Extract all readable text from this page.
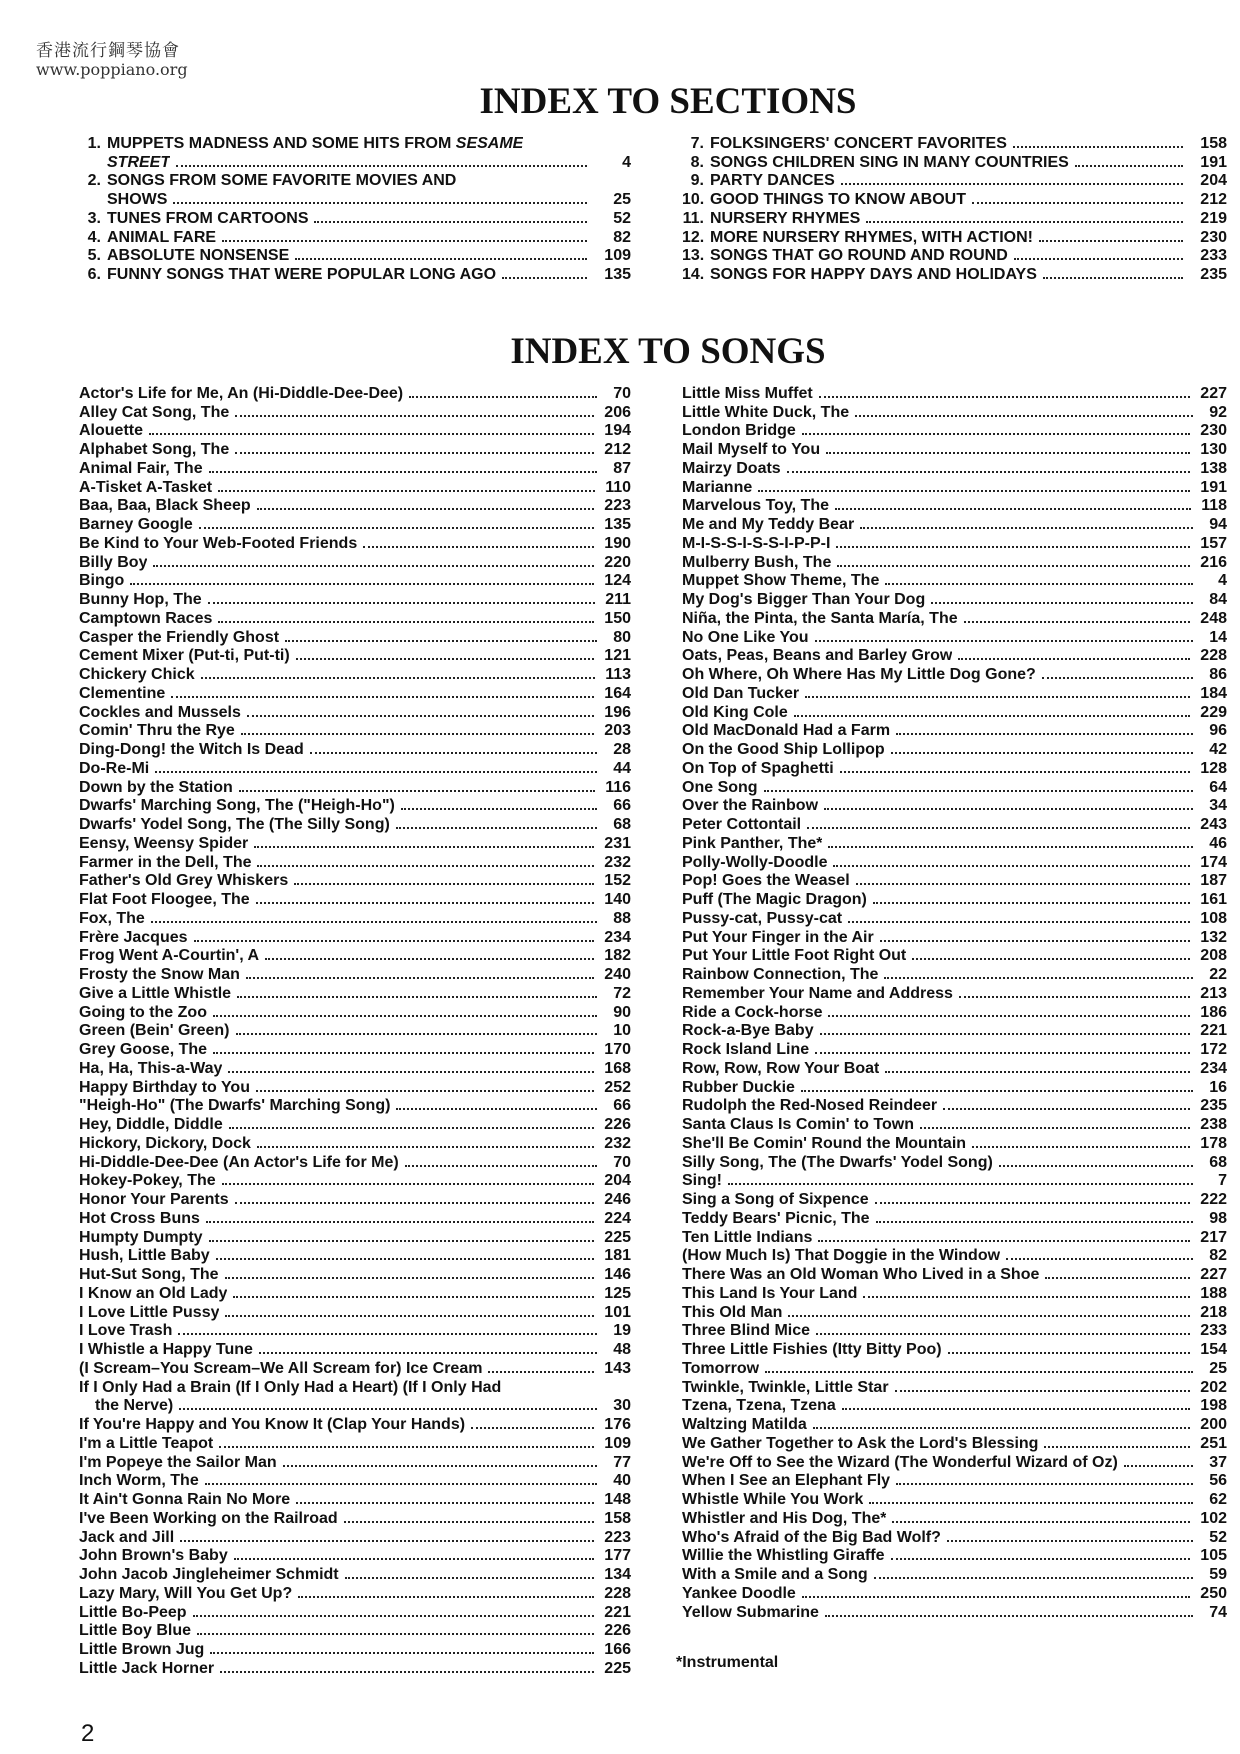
香港流行鋼琴協會
www.poppiano.org
INDEX TO SECTIONS
1. MUPPETS MADNESS AND SOME HITS FROM SESAME
STREET	4
2. SONGS FROM SOME FAVORITE MOVIES AND
SHOWS	25
3. TUNES FROM CARTOONS	52
4. ANIMAL FARE	82
5. ABSOLUTE NONSENSE	109
6. FUNNY SONGS THAT WERE POPULAR LONG AGO	135
7. FOLKSINGERS' CONCERT FAVORITES	158
8. SONGS CHILDREN SING IN MANY COUNTRIES	191
9. PARTY DANCES	204
10. GOOD THINGS TO KNOW ABOUT	212
11. NURSERY RHYMES	219
12. MORE NURSERY RHYMES, WITH ACTION!	230
13. SONGS THAT GO ROUND AND ROUND	233
14. SONGS FOR HAPPY DAYS AND HOLIDAYS	235
INDEX TO SONGS
Actor's Life for Me, An (Hi-Diddle-Dee-Dee)	70
Alley Cat Song, The	206
Alouette	194
Alphabet Song, The	212
Animal Fair, The	87
A-Tisket A-Tasket	110
Baa, Baa, Black Sheep	223
Barney Google	135
Be Kind to Your Web-Footed Friends	190
Billy Boy	220
Bingo	124
Bunny Hop, The	211
Camptown Races	150
Casper the Friendly Ghost	80
Cement Mixer (Put-ti, Put-ti)	121
Chickery Chick	113
Clementine	164
Cockles and Mussels	196
Comin' Thru the Rye	203
Ding-Dong! the Witch Is Dead	28
Do-Re-Mi	44
Down by the Station	116
Dwarfs' Marching Song, The ("Heigh-Ho")	66
Dwarfs' Yodel Song, The (The Silly Song)	68
Eensy, Weensy Spider	231
Farmer in the Dell, The	232
Father's Old Grey Whiskers	152
Flat Foot Floogee, The	140
Fox, The	88
Frère Jacques	234
Frog Went A-Courtin', A	182
Frosty the Snow Man	240
Give a Little Whistle	72
Going to the Zoo	90
Green (Bein' Green)	10
Grey Goose, The	170
Ha, Ha, This-a-Way	168
Happy Birthday to You	252
"Heigh-Ho" (The Dwarfs' Marching Song)	66
Hey, Diddle, Diddle	226
Hickory, Dickory, Dock	232
Hi-Diddle-Dee-Dee (An Actor's Life for Me)	70
Hokey-Pokey, The	204
Honor Your Parents	246
Hot Cross Buns	224
Humpty Dumpty	225
Hush, Little Baby	181
Hut-Sut Song, The	146
I Know an Old Lady	125
I Love Little Pussy	101
I Love Trash	19
I Whistle a Happy Tune	48
(I Scream–You Scream–We All Scream for) Ice Cream	143
If I Only Had a Brain (If I Only Had a Heart) (If I Only Had
the Nerve)	30
If You're Happy and You Know It (Clap Your Hands)	176
I'm a Little Teapot	109
I'm Popeye the Sailor Man	77
Inch Worm, The	40
It Ain't Gonna Rain No More	148
I've Been Working on the Railroad	158
Jack and Jill	223
John Brown's Baby	177
John Jacob Jingleheimer Schmidt	134
Lazy Mary, Will You Get Up?	228
Little Bo-Peep	221
Little Boy Blue	226
Little Brown Jug	166
Little Jack Horner	225
Little Miss Muffet	227
Little White Duck, The	92
London Bridge	230
Mail Myself to You	130
Mairzy Doats	138
Marianne	191
Marvelous Toy, The	118
Me and My Teddy Bear	94
M-I-S-S-I-S-S-I-P-P-I	157
Mulberry Bush, The	216
Muppet Show Theme, The	4
My Dog's Bigger Than Your Dog	84
Niña, the Pinta, the Santa María, The	248
No One Like You	14
Oats, Peas, Beans and Barley Grow	228
Oh Where, Oh Where Has My Little Dog Gone?	86
Old Dan Tucker	184
Old King Cole	229
Old MacDonald Had a Farm	96
On the Good Ship Lollipop	42
On Top of Spaghetti	128
One Song	64
Over the Rainbow	34
Peter Cottontail	243
Pink Panther, The*	46
Polly-Wolly-Doodle	174
Pop! Goes the Weasel	187
Puff (The Magic Dragon)	161
Pussy-cat, Pussy-cat	108
Put Your Finger in the Air	132
Put Your Little Foot Right Out	208
Rainbow Connection, The	22
Remember Your Name and Address	213
Ride a Cock-horse	186
Rock-a-Bye Baby	221
Rock Island Line	172
Row, Row, Row Your Boat	234
Rubber Duckie	16
Rudolph the Red-Nosed Reindeer	235
Santa Claus Is Comin' to Town	238
She'll Be Comin' Round the Mountain	178
Silly Song, The (The Dwarfs' Yodel Song)	68
Sing!	7
Sing a Song of Sixpence	222
Teddy Bears' Picnic, The	98
Ten Little Indians	217
(How Much Is) That Doggie in the Window	82
There Was an Old Woman Who Lived in a Shoe	227
This Land Is Your Land	188
This Old Man	218
Three Blind Mice	233
Three Little Fishies (Itty Bitty Poo)	154
Tomorrow	25
Twinkle, Twinkle, Little Star	202
Tzena, Tzena, Tzena	198
Waltzing Matilda	200
We Gather Together to Ask the Lord's Blessing	251
We're Off to See the Wizard (The Wonderful Wizard of Oz)	37
When I See an Elephant Fly	56
Whistle While You Work	62
Whistler and His Dog, The*	102
Who's Afraid of the Big Bad Wolf?	52
Willie the Whistling Giraffe	105
With a Smile and a Song	59
Yankee Doodle	250
Yellow Submarine	74
*Instrumental
2
